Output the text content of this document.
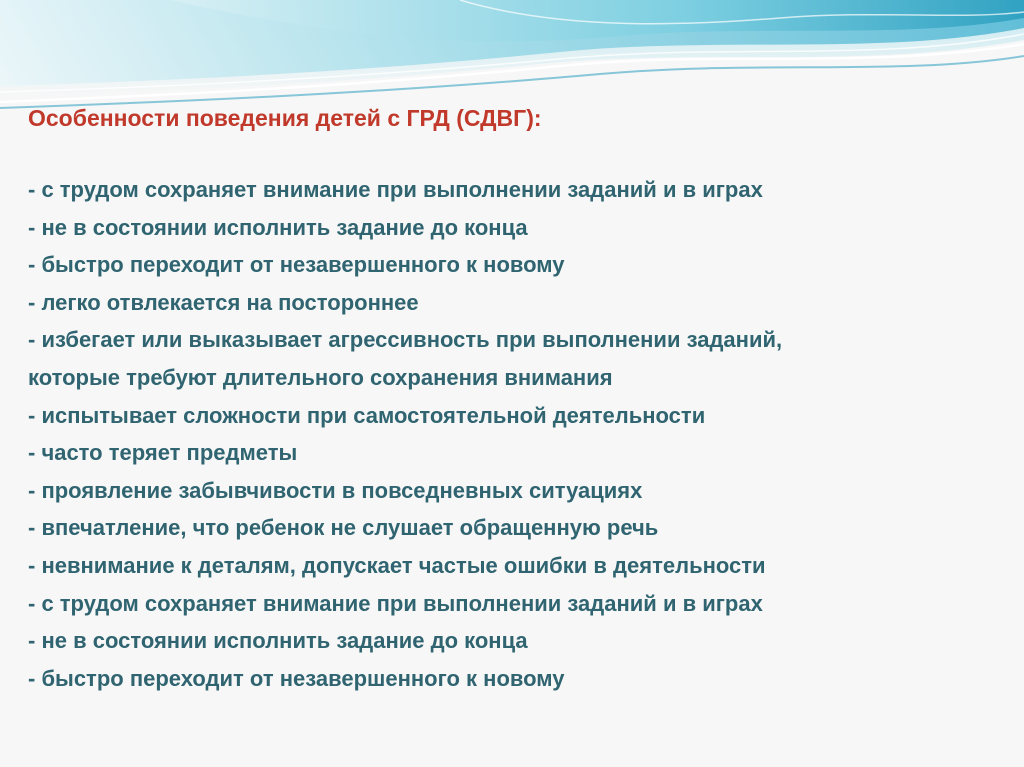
Особенности поведения детей с ГРД (СДВГ):
- с трудом сохраняет внимание при выполнении заданий и в играх
- не в состоянии исполнить задание до конца
- быстро переходит от незавершенного к новому
- легко отвлекается на постороннее
- избегает или выказывает агрессивность при выполнении заданий,
которые требуют длительного сохранения внимания
- испытывает сложности при самостоятельной деятельности
- часто теряет предметы
- проявление забывчивости в повседневных ситуациях
- впечатление, что ребенок не слушает обращенную речь
- невнимание к деталям, допускает частые ошибки в деятельности
- с трудом сохраняет внимание при выполнении заданий и в играх
- не в состоянии исполнить задание до конца
- быстро переходит от незавершенного к новому
